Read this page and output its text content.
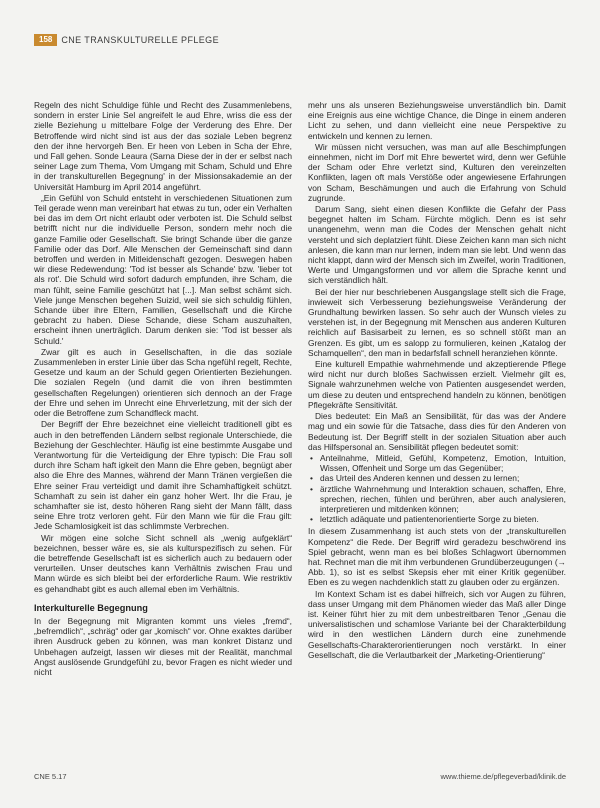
158	CNE TRANSKULTURELLE PFLEGE

Regeln des nicht Schuldige fühle und Recht des Zusammenlebens, sondern in erster Linie Sel angreifelt le aud Ehre, wriss die ess der zielle Beziehung u mittelbare Folge der Verderung des Ehre. Der Betroffende wird nicht sind ist aus der das soziale Leben begrenz den der ihne hervorgeh Ben. Er heen von Leben in Scha der Ehre, und Fall gehen. Sonde Leaura (Sarna Diese der in der er selbst nach seiner Lage zum Thema, Vom Umgang mit Scham, Schuld und Ehre in der transkulturellen Begegnung' in der Missionsakademie an der Universität Hamburg im April 2014 angeführt.

„Ein Gefühl von Schuld entsteht in verschiedenen Situationen zum Teil gerade wenn man vereinbart hat etwas zu tun, oder ein Verhalten bei das im dem Ort nicht erlaubt oder verboten ist. Die Schuld selbst betrifft nicht nur die individuelle Person, sondern mehr noch die ganze Familie oder Gesellschaft. Sie bringt Schande über die ganze Familie oder das Dorf. Alle Menschen der Gemeinschaft sind dann betroffen und werden in Mitleidenschaft gezogen. Deswegen haben wir diese Redewendung: 'Tod ist besser als Schande' bzw. 'lieber tot als rot'. Die Schuld wird sofort dadurch empfunden, ihre Scham, die man fühlt, seine Familie geschützt hat [...]. Man selbst schämt sich. Viele junge Menschen begehen Suizid, weil sie sich schuldig fühlen, Schande über ihre Eltern, Familien, Gesellschaft und die Kirche gebracht zu haben. Diese Schande, diese Scham auszuhalten, erscheint ihnen unerträglich. Darum denken sie: 'Tod ist besser als Schuld.'

Zwar gilt es auch in Gesellschaften, in die das soziale Zusammenleben in erster Linie über das Scha ngefühl regelt, Rechte, Gesetze und kaum an der Schuld gegen Orientierten Beziehungen. Die sozialen Regeln (und damit die von ihren bestimmten gesellschaften Regelungen) orientieren sich dennoch an der Frage der Ehre und sehen im Unrecht eine Ehrverletzung, mit der sich der oder die Betroffene zum Schandfleck macht.

Der Begriff der Ehre bezeichnet eine vielleicht traditionell gibt es auch in den betreffenden Ländern selbst regionale Unterschiede, die Beziehung der Geschlechter. Häufig ist eine bestimmte Ausgabe und Verantwortung für die Verteidigung der Ehre typisch: Die Frau soll durch ihre Scham haft igkeit den Mann die Ehre geben, begnügt aber also die Ehre des Mannes, während der Mann Tränen vergießen die Ehre seiner Frau verteidigt und damit ihre Schamhaftigkeit schützt. Schamhaft zu sein ist daher ein ganz hoher Wert. Ihr die Frau, je schamhafter sie ist, desto höheren Rang sieht der Mann fällt, dass seine Ehre trotz verloren geht. Für den Mann wie für die Frau gilt: Jede Schamlosigkeit ist das schlimmste Verbrechen.

Wir mögen eine solche Sicht schnell als „wenig aufgeklärt“ bezeichnen, besser wäre es, sie als kulturspezifisch zu sehen. Für die betreffende Gesellschaft ist es sicherlich auch zu bedauern oder verurteilen. Unser deutsches kann Verhältnis zwischen Frau und Mann würde es sich bleibt bei der erforderliche Raum. Wie restriktiv es gehandhabt gibt es auch allemal eben im Verhältnis.

Interkulturelle Begegnung

In der Begegnung mit Migranten kommt uns vieles „fremd“, „befremdlich“, „schräg“ oder gar „komisch“ vor. Ohne exaktes darüber ihren Ausdruck geben zu können, was man konkret Distanz und Unbehagen aufzeigt, lassen wir dieses mit der Realität, manchmal Angst auslösende Grundgefühl zu, bevor Fragen es nicht wieder und nicht

mehr uns als unseren Beziehungsweise unverständlich bin. Damit eine Ereignis aus eine wichtige Chance, die Dinge in einem anderen Licht zu sehen, und dann vielleicht eine neue Perspektive zu entwickeln und kennen zu lernen.

Wir müssen nicht versuchen, was man auf alle Beschimpfungen einnehmen, nicht im Dorf mit Ehre bewertet wird, denn wer Gefühle der Scham oder Ehre verletzt sind, Kulturen den vereinzelten Konflikten, lagen oft mals Verstöße oder angewiesene Erfahrungen von Scham, Beschämungen und auch die Erfahrung von Schuld zugrunde.

Darum Sang, sieht einen diesen Konflikte die Gefahr der Pass begegnet halten im Scham. Fürchte möglich. Denn es ist sehr unangenehm, wenn man die Codes der Menschen gehalt nicht versteht und sich deplatziert fühlt. Diese Zeichen kann man sich nicht anlesen, die kann man nur lernen, indem man sie lebt. Und wenn das nicht klappt, dann wird der Mensch sich im Zweifel, worin Traditionen, Werte und Umgangsformen und vor allem die Sprache kennt und sich verständlich hält.

Bei der hier nur beschriebenen Ausgangslage stellt sich die Frage, inwieweit sich Verbesserung beziehungsweise Veränderung der Grundhaltung bewirken lassen. So sehr auch der Wunsch vieles zu verstehen ist, in der Begegnung mit Menschen aus anderen Kulturen reichlich auf Basisarbeit zu lernen, es so schnell stößt man an Grenzen. Es gibt, um es salopp zu formulieren, keinen „Katalog der Schamquellen“, den man in bedarfsfall schnell heranziehen könnte.

Eine kulturell Empathie wahrnehmende und akzeptierende Pflege wird nicht nur durch bloßes Sachwissen erzielt. Vielmehr gilt es, Signale wahrzunehmen welche von Patienten ausgesendet werden, um diese zu deuten und entsprechend handeln zu können, benötigen Pflegekräfte Sensitivität.

Dies bedeutet: Ein Maß an Sensibilität, für das was der Andere mag und ein sowie für die Tatsache, dass dies für den Anderen von Bedeutung ist. Der Begriff stellt in der sozialen Situation aber auch das Hilfspersonal an. Sensibilität pflegen bedeutet somit:

• Anteilnahme, Mitleid, Gefühl, Kompetenz, Emotion, Intuition, Wissen, Offenheit und Sorge um das Gegenüber;
• das Urteil des Anderen kennen und dessen zu lernen;
• ärztliche Wahrnehmung und Interaktion schauen, schaffen, Ehre, sprechen, riechen, fühlen und berühren, aber auch analysieren, interpretieren und mitdenken können;
• letztlich adäquate und patientenorientierte Sorge zu bieten.

In diesem Zusammenhang ist auch stets von der „transkulturellen Kompetenz“ die Rede. Der Begriff wird geradezu beschwörend ins Spiel gebracht, wenn man es bei bloßes Schlagwort übernommen hat. Rechnet man die mit ihm verbundenen Grundüberzeugungen (→ Abb. 1), so ist es selbst Skepsis eher mit einer Kritik gegenüber. Eben es zu wegen nachdenklich statt zu glauben oder zu ergänzen.

Im Kontext Scham ist es dabei hilfreich, sich vor Augen zu führen, dass unser Umgang mit dem Phänomen wieder das Maß aller Dinge ist. Keiner führt hier zu mit dem unbestreitbaren Tenor „Genau die universalistischen und schamlose Variante bei der Charakterbildung wird in den westlichen Ländern durch eine zunehmende Gesellschafts-Charakterorientierungen noch verstärkt. In einer Gesellschaft, die die Verlautbarkeit der „Marketing-Orientierung“

CNE 5.17	www.thieme.de/pflegeverbad/klinik.de
